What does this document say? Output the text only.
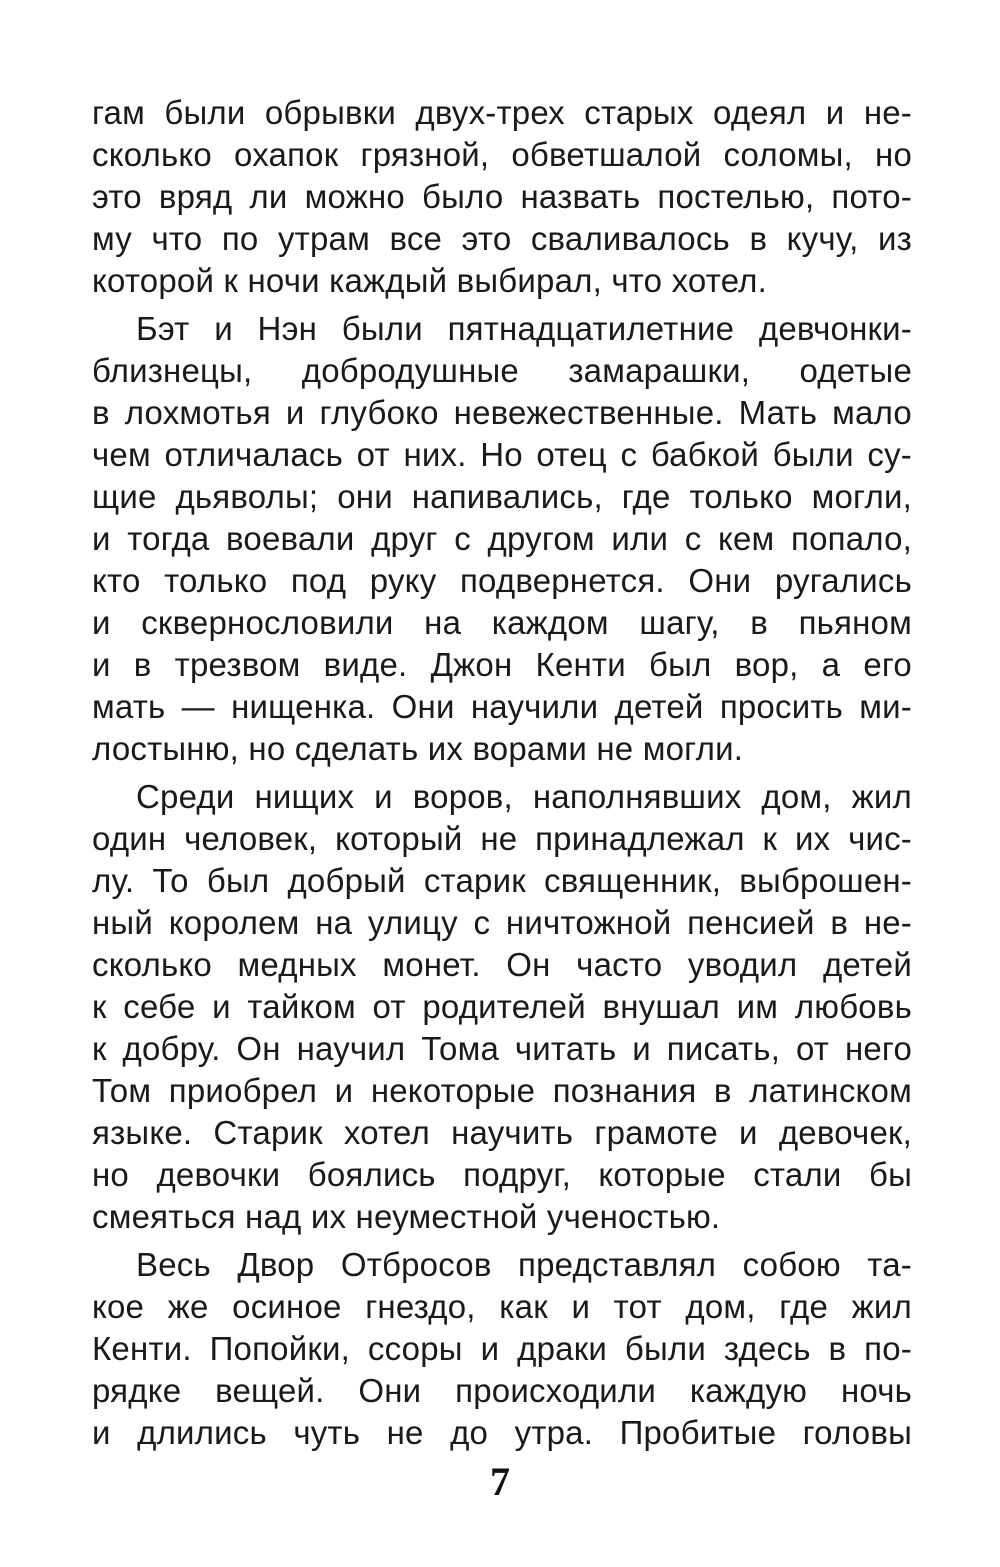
гам были обрывки двух-трех старых одеял и не-
сколько охапок грязной, обветшалой соломы, но
это вряд ли можно было назвать постелью, пото-
му что по утрам все это сваливалось в кучу, из
которой к ночи каждый выбирал, что хотел.
Бэт и Нэн были пятнадцатилетние девчонки-
близнецы, добродушные замарашки, одетые
в лохмотья и глубоко невежественные. Мать мало
чем отличалась от них. Но отец с бабкой были су-
щие дьяволы; они напивались, где только могли,
и тогда воевали друг с другом или с кем попало,
кто только под руку подвернется. Они ругались
и сквернословили на каждом шагу, в пьяном
и в трезвом виде. Джон Кенти был вор, а его
мать — нищенка. Они научили детей просить ми-
лостыню, но сделать их ворами не могли.
Среди нищих и воров, наполнявших дом, жил
один человек, который не принадлежал к их чис-
лу. То был добрый старик священник, выброшен-
ный королем на улицу с ничтожной пенсией в не-
сколько медных монет. Он часто уводил детей
к себе и тайком от родителей внушал им любовь
к добру. Он научил Тома читать и писать, от него
Том приобрел и некоторые познания в латинском
языке. Старик хотел научить грамоте и девочек,
но девочки боялись подруг, которые стали бы
смеяться над их неуместной ученостью.
Весь Двор Отбросов представлял собою та-
кое же осиное гнездо, как и тот дом, где жил
Кенти. Попойки, ссоры и драки были здесь в по-
рядке вещей. Они происходили каждую ночь
и длились чуть не до утра. Пробитые головы
7
